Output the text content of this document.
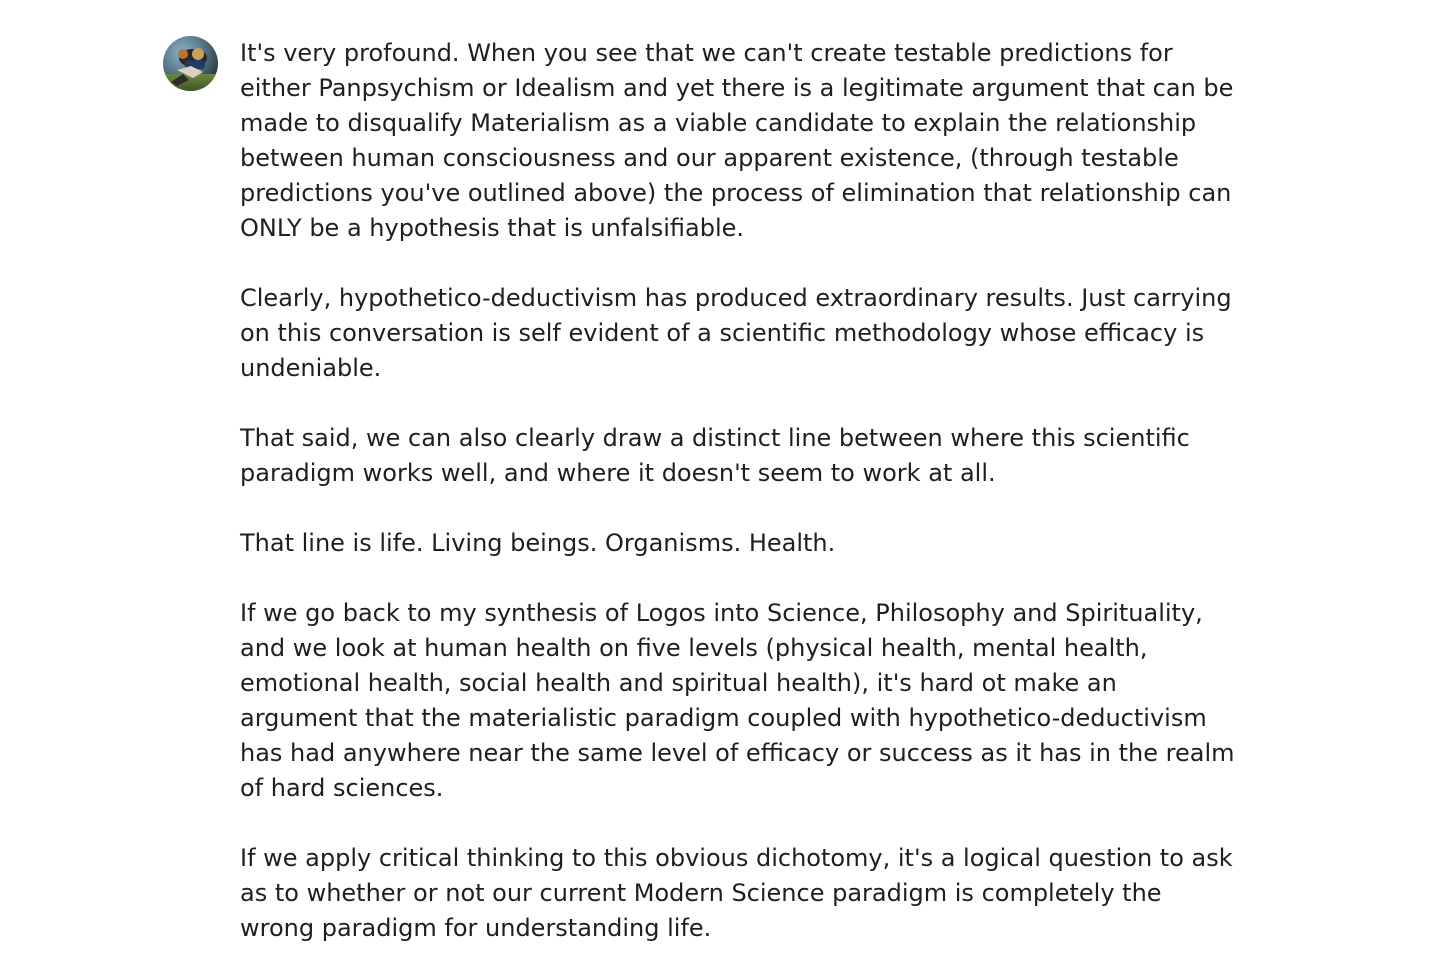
It's very profound. When you see that we can't create testable predictions for either Panpsychism or Idealism and yet there is a legitimate argument that can be made to disqualify Materialism as a viable candidate to explain the relationship between human consciousness and our apparent existence, (through testable predictions you've outlined above) the process of elimination that relationship can ONLY be a hypothesis that is unfalsifiable.

Clearly, hypothetico-deductivism has produced extraordinary results. Just carrying on this conversation is self evident of a scientific methodology whose efficacy is undeniable.

That said, we can also clearly draw a distinct line between where this scientific paradigm works well, and where it doesn't seem to work at all.

That line is life. Living beings. Organisms. Health.

If we go back to my synthesis of Logos into Science, Philosophy and Spirituality, and we look at human health on five levels (physical health, mental health, emotional health, social health and spiritual health), it's hard ot make an argument that the materialistic paradigm coupled with hypothetico-deductivism has had anywhere near the same level of efficacy or success as it has in the realm of hard sciences.

If we apply critical thinking to this obvious dichotomy, it's a logical question to ask as to whether or not our current Modern Science paradigm is completely the wrong paradigm for understanding life.
